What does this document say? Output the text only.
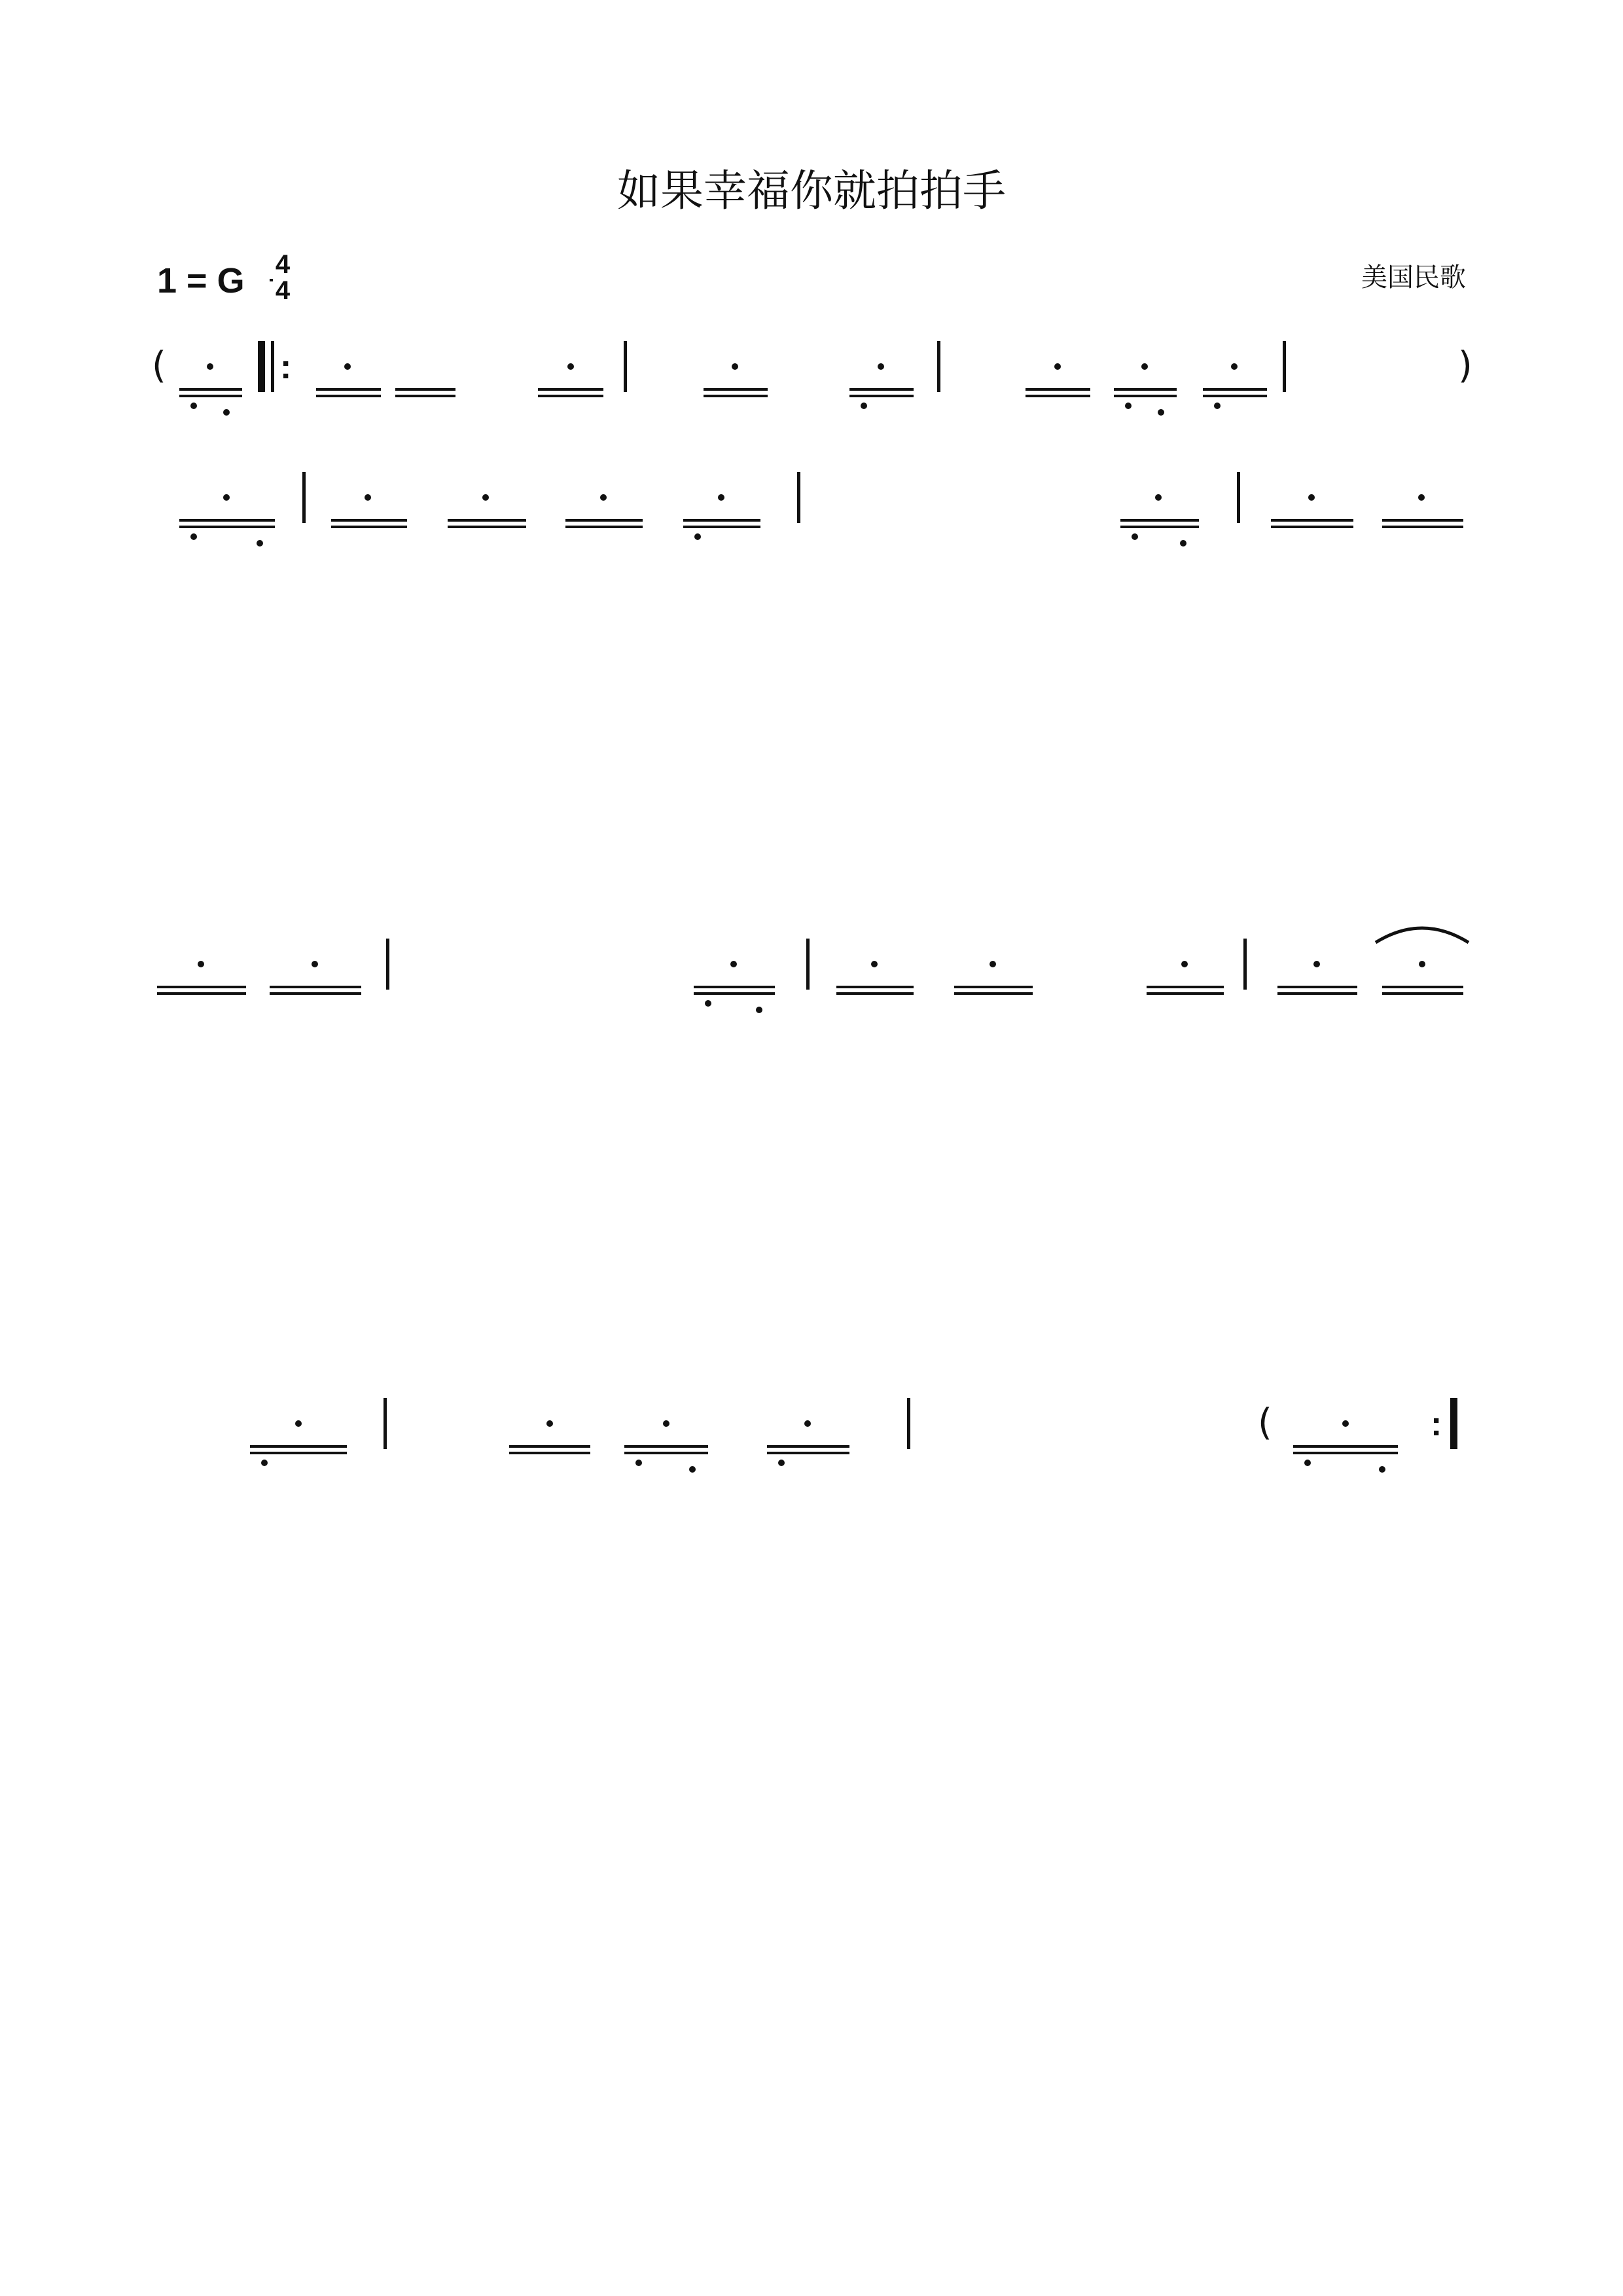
如果幸福你就拍拍手
1 = G 4
4	美国民歌
(	)
:
(	:
